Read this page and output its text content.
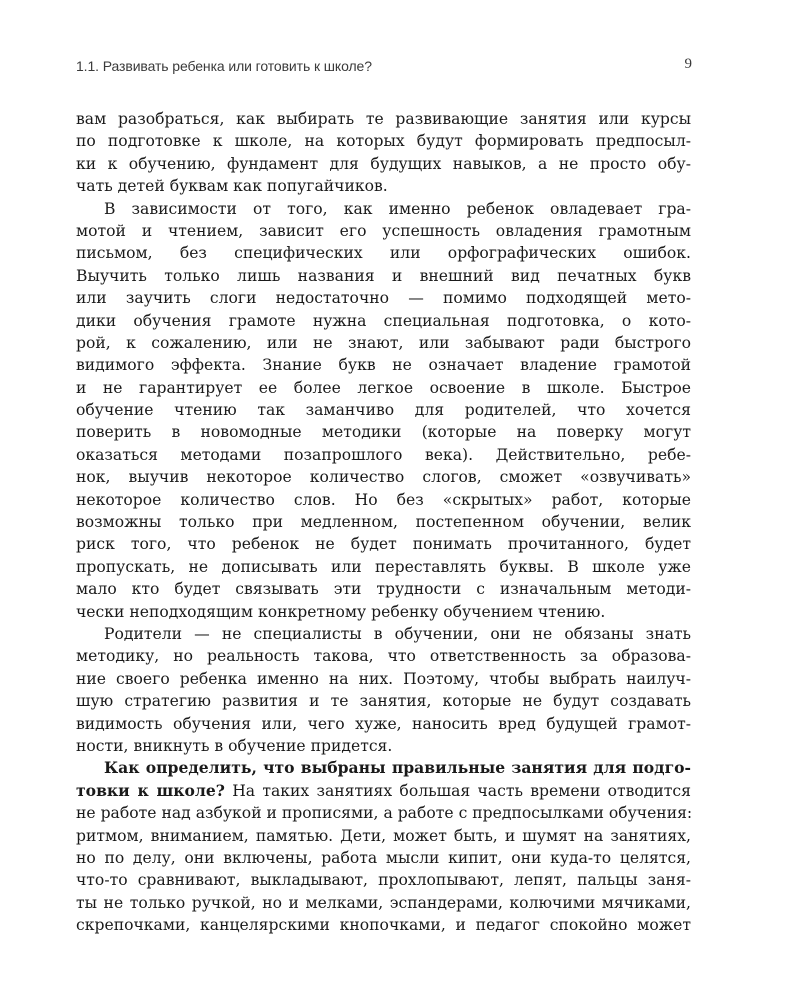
1.1. Развивать ребенка или готовить к школе?	9
вам разобраться, как выбирать те развивающие занятия или курсы
по подготовке к школе, на которых будут формировать предпосыл-
ки к обучению, фундамент для будущих навыков, а не просто обу-
чать детей буквам как попугайчиков.
В зависимости от того, как именно ребенок овладевает гра-
мотой и чтением, зависит его успешность овладения грамотным
письмом, без специфических или орфографических ошибок.
Выучить только лишь названия и внешний вид печатных букв
или заучить слоги недостаточно — помимо подходящей мето-
дики обучения грамоте нужна специальная подготовка, о кото-
рой, к сожалению, или не знают, или забывают ради быстрого
видимого эффекта. Знание букв не означает владение грамотой
и не гарантирует ее более легкое освоение в школе. Быстрое
обучение чтению так заманчиво для родителей, что хочется
поверить в новомодные методики (которые на поверку могут
оказаться методами позапрошлого века). Действительно, ребе-
нок, выучив некоторое количество слогов, сможет «озвучивать»
некоторое количество слов. Но без «скрытых» работ, которые
возможны только при медленном, постепенном обучении, велик
риск того, что ребенок не будет понимать прочитанного, будет
пропускать, не дописывать или переставлять буквы. В школе уже
мало кто будет связывать эти трудности с изначальным методи-
чески неподходящим конкретному ребенку обучением чтению.
Родители — не специалисты в обучении, они не обязаны знать
методику, но реальность такова, что ответственность за образова-
ние своего ребенка именно на них. Поэтому, чтобы выбрать наилуч-
шую стратегию развития и те занятия, которые не будут создавать
видимость обучения или, чего хуже, наносить вред будущей грамот-
ности, вникнуть в обучение придется.
Как определить, что выбраны правильные занятия для подго-
товки к школе? На таких занятиях большая часть времени отводится
не работе над азбукой и прописями, а работе с предпосылками обучения:
ритмом, вниманием, памятью. Дети, может быть, и шумят на занятиях,
но по делу, они включены, работа мысли кипит, они куда-то целятся,
что-то сравнивают, выкладывают, прохлопывают, лепят, пальцы заня-
ты не только ручкой, но и мелками, эспандерами, колючими мячиками,
скрепочками, канцелярскими кнопочками, и педагог спокойно может
